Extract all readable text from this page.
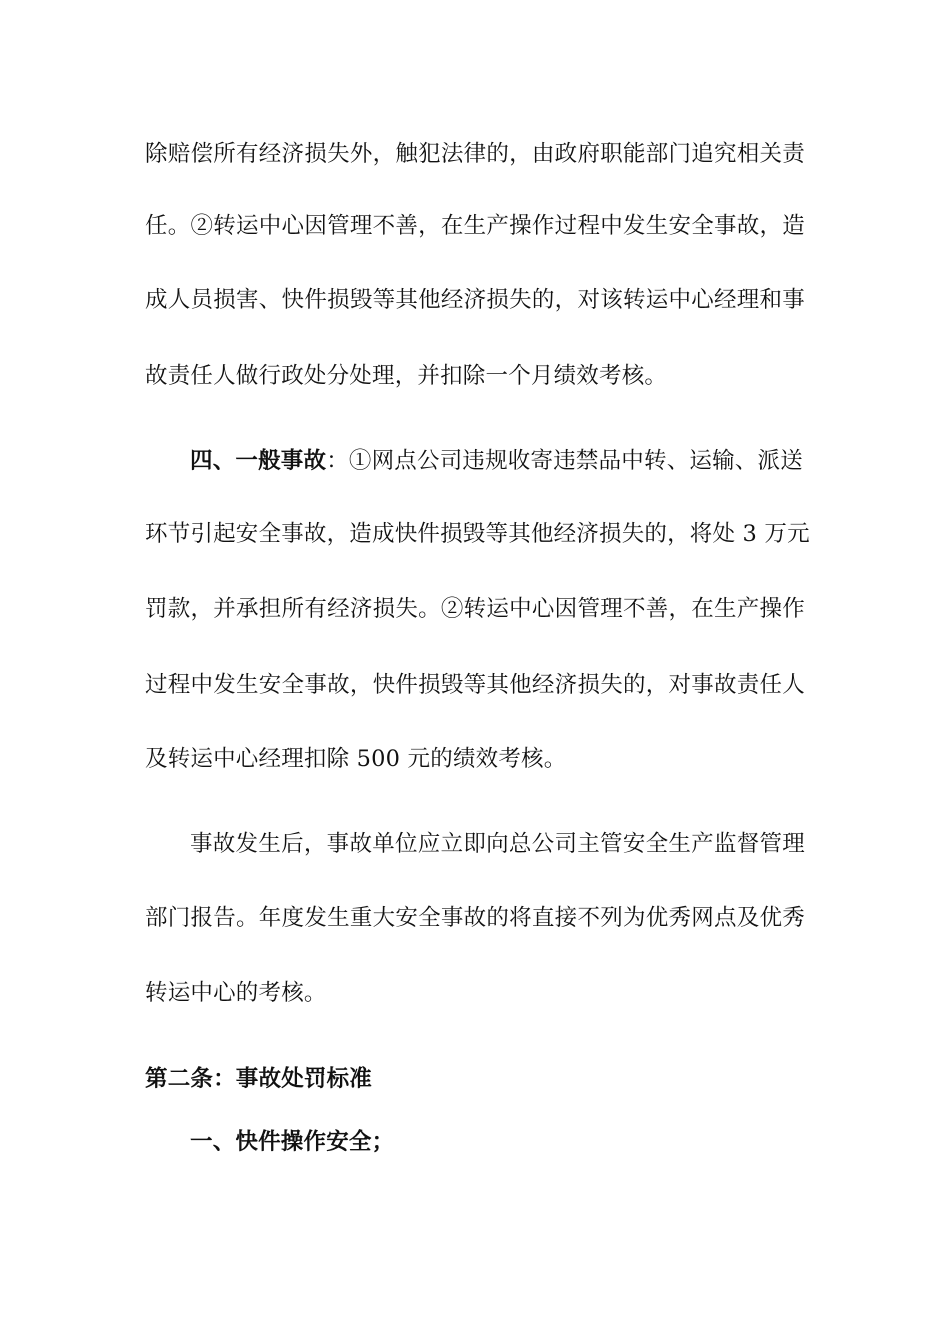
除赔偿所有经济损失外，触犯法律的，由政府职能部门追究相关责
任。②转运中心因管理不善，在生产操作过程中发生安全事故，造
成人员损害、快件损毁等其他经济损失的，对该转运中心经理和事
故责任人做行政处分处理，并扣除一个月绩效考核。
四、一般事故：①网点公司违规收寄违禁品中转、运输、派送
环节引起安全事故，造成快件损毁等其他经济损失的，将处 3 万元
罚款，并承担所有经济损失。②转运中心因管理不善，在生产操作
过程中发生安全事故，快件损毁等其他经济损失的，对事故责任人
及转运中心经理扣除 500 元的绩效考核。
事故发生后，事故单位应立即向总公司主管安全生产监督管理
部门报告。年度发生重大安全事故的将直接不列为优秀网点及优秀
转运中心的考核。
第二条：事故处罚标准
一、快件操作安全；
